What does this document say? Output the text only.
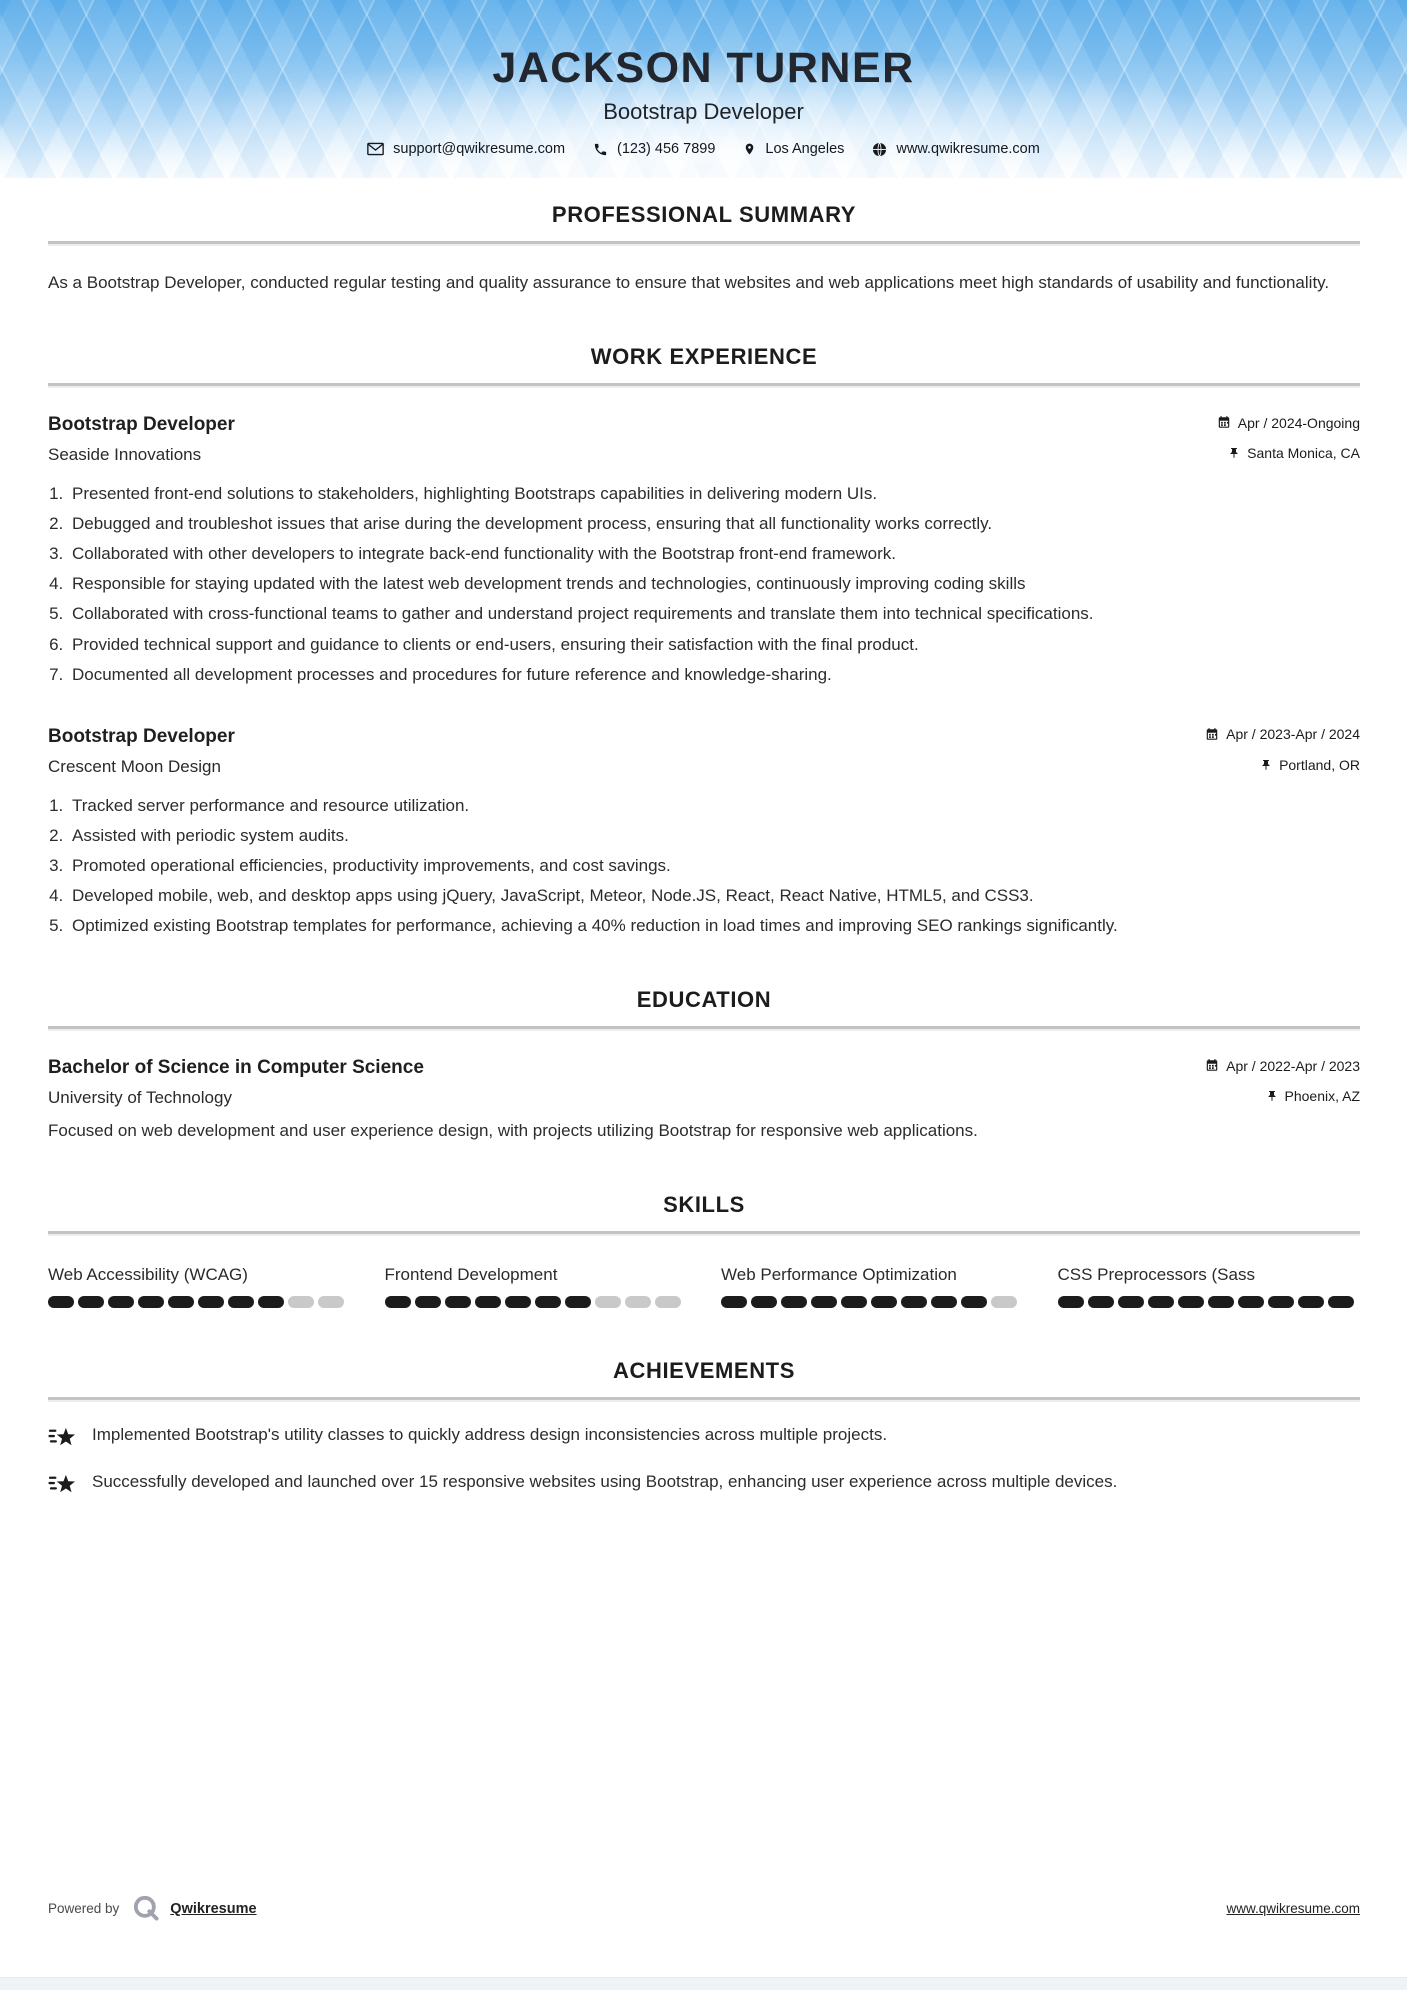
JACKSON TURNER
Bootstrap Developer
support@qwikresume.com	(123) 456 7899	Los Angeles	www.qwikresume.com
PROFESSIONAL SUMMARY

As a Bootstrap Developer, conducted regular testing and quality assurance to ensure that websites and web applications meet high standards of usability and functionality.

WORK EXPERIENCE
Bootstrap Developer	Apr / 2024-Ongoing
Seaside Innovations	Santa Monica, CA
1. Presented front-end solutions to stakeholders, highlighting Bootstraps capabilities in delivering modern UIs.
2. Debugged and troubleshot issues that arise during the development process, ensuring that all functionality works correctly.
3. Collaborated with other developers to integrate back-end functionality with the Bootstrap front-end framework.
4. Responsible for staying updated with the latest web development trends and technologies, continuously improving coding skills
5. Collaborated with cross-functional teams to gather and understand project requirements and translate them into technical specifications.
6. Provided technical support and guidance to clients or end-users, ensuring their satisfaction with the final product.
7. Documented all development processes and procedures for future reference and knowledge-sharing.
Bootstrap Developer	Apr / 2023-Apr / 2024
Crescent Moon Design	Portland, OR
1. Tracked server performance and resource utilization.
2. Assisted with periodic system audits.
3. Promoted operational efficiencies, productivity improvements, and cost savings.
4. Developed mobile, web, and desktop apps using jQuery, JavaScript, Meteor, Node.JS, React, React Native, HTML5, and CSS3.
5. Optimized existing Bootstrap templates for performance, achieving a 40% reduction in load times and improving SEO rankings significantly.
EDUCATION
Bachelor of Science in Computer Science	Apr / 2022-Apr / 2023
University of Technology	Phoenix, AZ

Focused on web development and user experience design, with projects utilizing Bootstrap for responsive web applications.

SKILLS
Web Accessibility (WCAG)	Frontend Development	Web Performance Optimization	CSS Preprocessors (Sass
ACHIEVEMENTS
Implemented Bootstrap's utility classes to quickly address design inconsistencies across multiple projects.
Successfully developed and launched over 15 responsive websites using Bootstrap, enhancing user experience across multiple devices.
Powered by	Qwikresume	www.qwikresume.com
